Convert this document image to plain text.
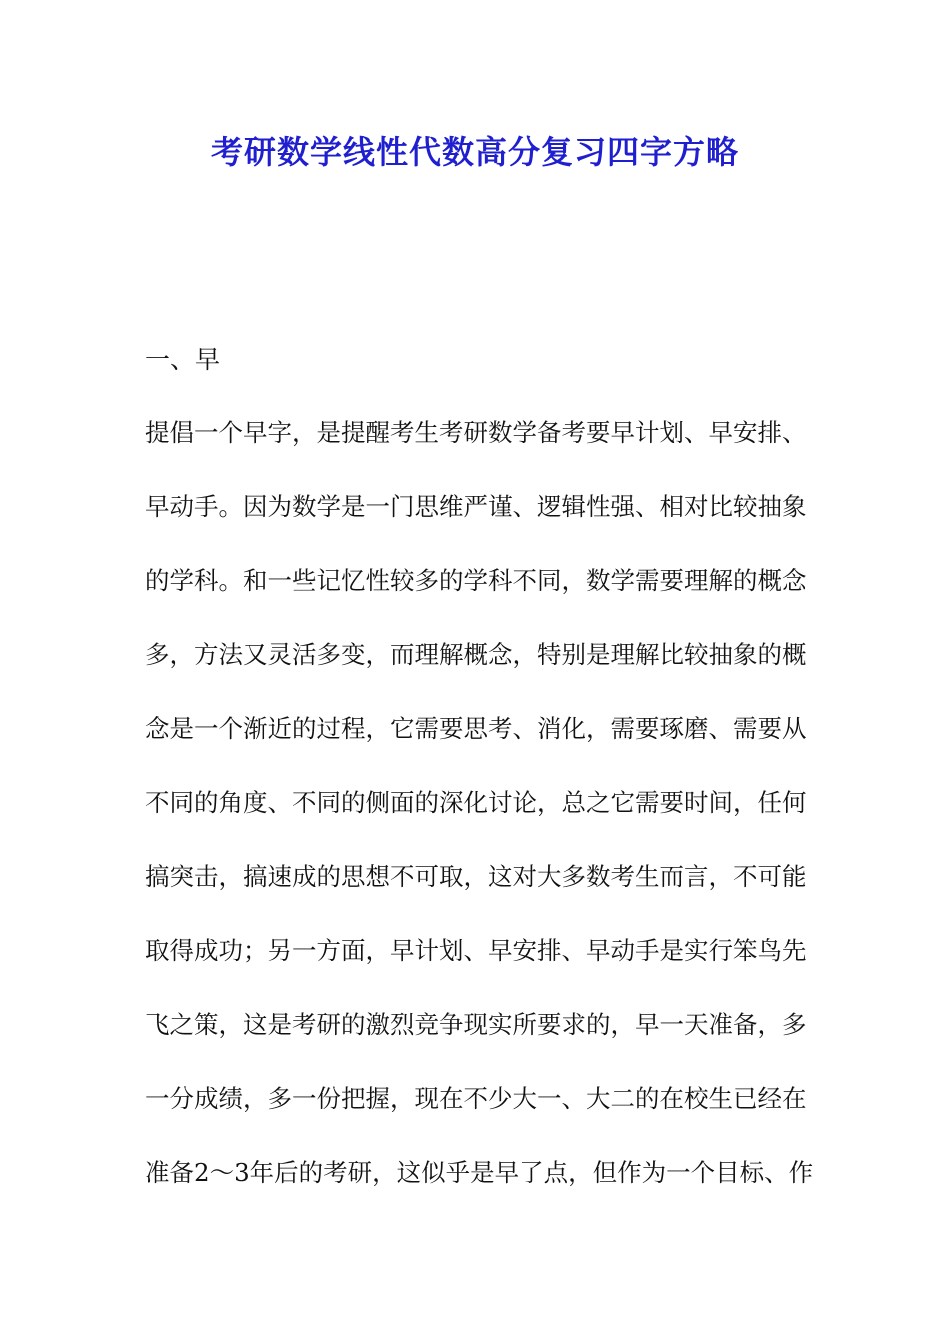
考研数学线性代数高分复习四字方略

一、早

提倡一个早字，是提醒考生考研数学备考要早计划、早安排、
早动手。因为数学是一门思维严谨、逻辑性强、相对比较抽象
的学科。和一些记忆性较多的学科不同，数学需要理解的概念
多，方法又灵活多变，而理解概念，特别是理解比较抽象的概
念是一个渐近的过程，它需要思考、消化，需要琢磨、需要从
不同的角度、不同的侧面的深化讨论，总之它需要时间，任何
搞突击，搞速成的思想不可取，这对大多数考生而言，不可能
取得成功；另一方面，早计划、早安排、早动手是实行笨鸟先
飞之策，这是考研的激烈竞争现实所要求的，早一天准备，多
一分成绩，多一份把握，现在不少大一、大二的在校生已经在
准备2～3年后的考研，这似乎是早了点，但作为一个目标、作
